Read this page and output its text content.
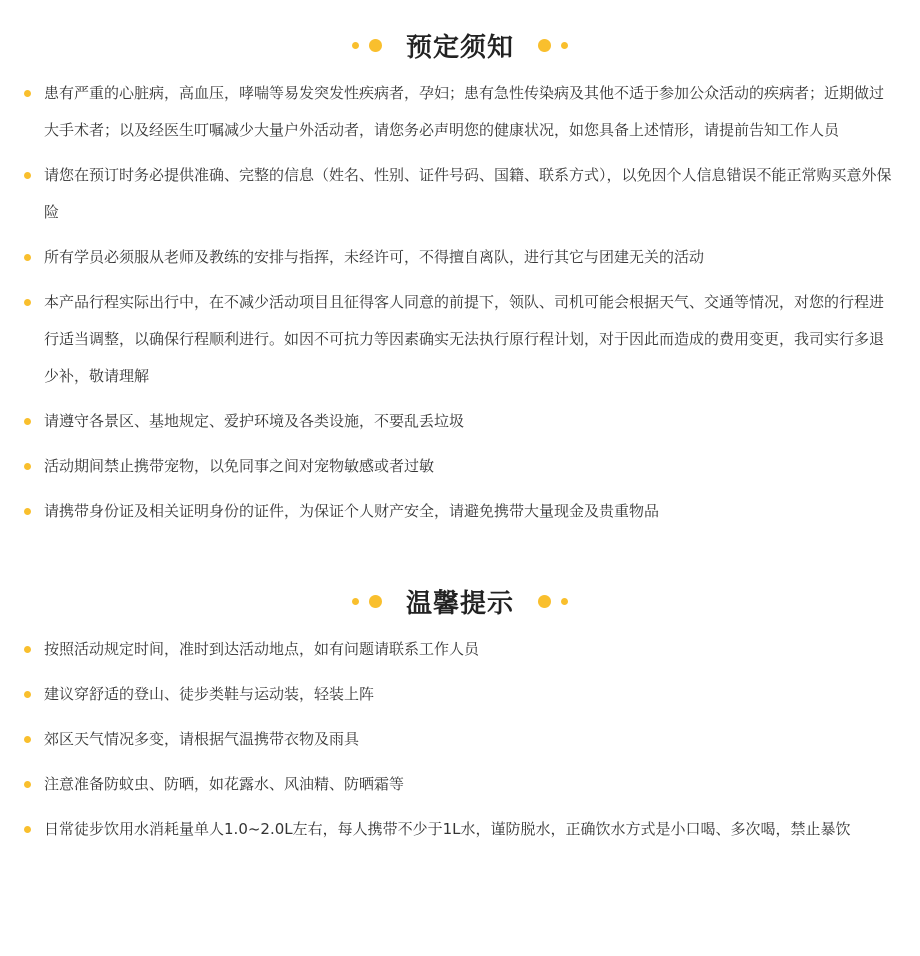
预定须知
患有严重的心脏病，高血压，哮喘等易发突发性疾病者，孕妇；患有急性传染病及其他不适于参加公众活动的疾病者；近期做过大手术者；以及经医生叮嘱减少大量户外活动者，请您务必声明您的健康状况，如您具备上述情形，请提前告知工作人员
请您在预订时务必提供准确、完整的信息（姓名、性别、证件号码、国籍、联系方式），以免因个人信息错误不能正常购买意外保险
所有学员必须服从老师及教练的安排与指挥，未经许可，不得擅自离队，进行其它与团建无关的活动
本产品行程实际出行中，在不减少活动项目且征得客人同意的前提下，领队、司机可能会根据天气、交通等情况，对您的行程进行适当调整，以确保行程顺利进行。如因不可抗力等因素确实无法执行原行程计划，对于因此而造成的费用变更，我司实行多退少补，敬请理解
请遵守各景区、基地规定、爱护环境及各类设施，不要乱丢垃圾
活动期间禁止携带宠物，以免同事之间对宠物敏感或者过敏
请携带身份证及相关证明身份的证件，为保证个人财产安全，请避免携带大量现金及贵重物品
温馨提示
按照活动规定时间，准时到达活动地点，如有问题请联系工作人员
建议穿舒适的登山、徒步类鞋与运动装，轻装上阵
郊区天气情况多变，请根据气温携带衣物及雨具
注意准备防蚊虫、防晒，如花露水、风油精、防晒霜等
日常徒步饮用水消耗量单人1.0~2.0L左右，每人携带不少于1L水，谨防脱水，正确饮水方式是小口喝、多次喝，禁止暴饮
